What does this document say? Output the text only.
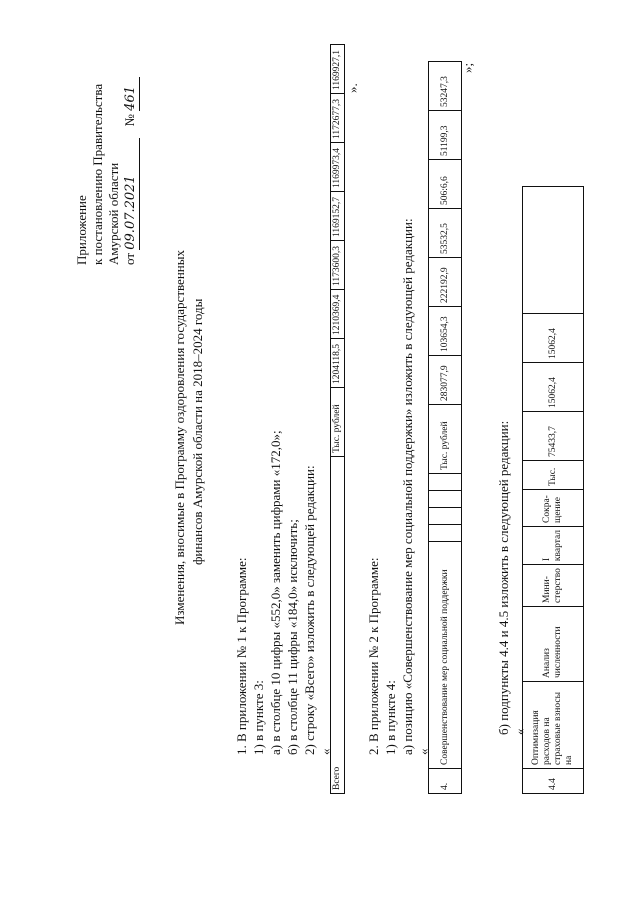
Приложение к постановлению Правительства Амурской области от 09.07.2021 № 461
Изменения, вносимые в Программу оздоровления государственных финансов Амурской области на 2018–2024 годы
1. В приложении № 1 к Программе: 1) в пункте 3: а) в столбце 10 цифры «552,0» заменить цифрами «172,0»; б) в столбце 11 цифры «184,0» исключить; 2) строку «Всего» изложить в следующей редакции: «
Всего	Тыс. рублей	1204118,5	1210369,4	1173600,3	1169152,7	1169973,4	1172677,3	1169927,1 ».
2. В приложении № 2 к Программе: 1) в пункте 4: а) позицию «Совершенствование мер социальной поддержки» изложить в следующей редакции: «
4.	Совершенствование мер социальной поддержки					Тыс. рублей	283077,9	103654,3	222192,9	53532,5	506:6,6	51199,3	53247,3
»;
б) подпункты 4.4 и 4.5 изложить в следующей редакции: «
4.4	Оптимизация расходов на страховые взносы на	Анализ численности	Мини- стерство	I квартал	Сокра- щение	Тыс.	75433,7	15062,4	15062,4	
